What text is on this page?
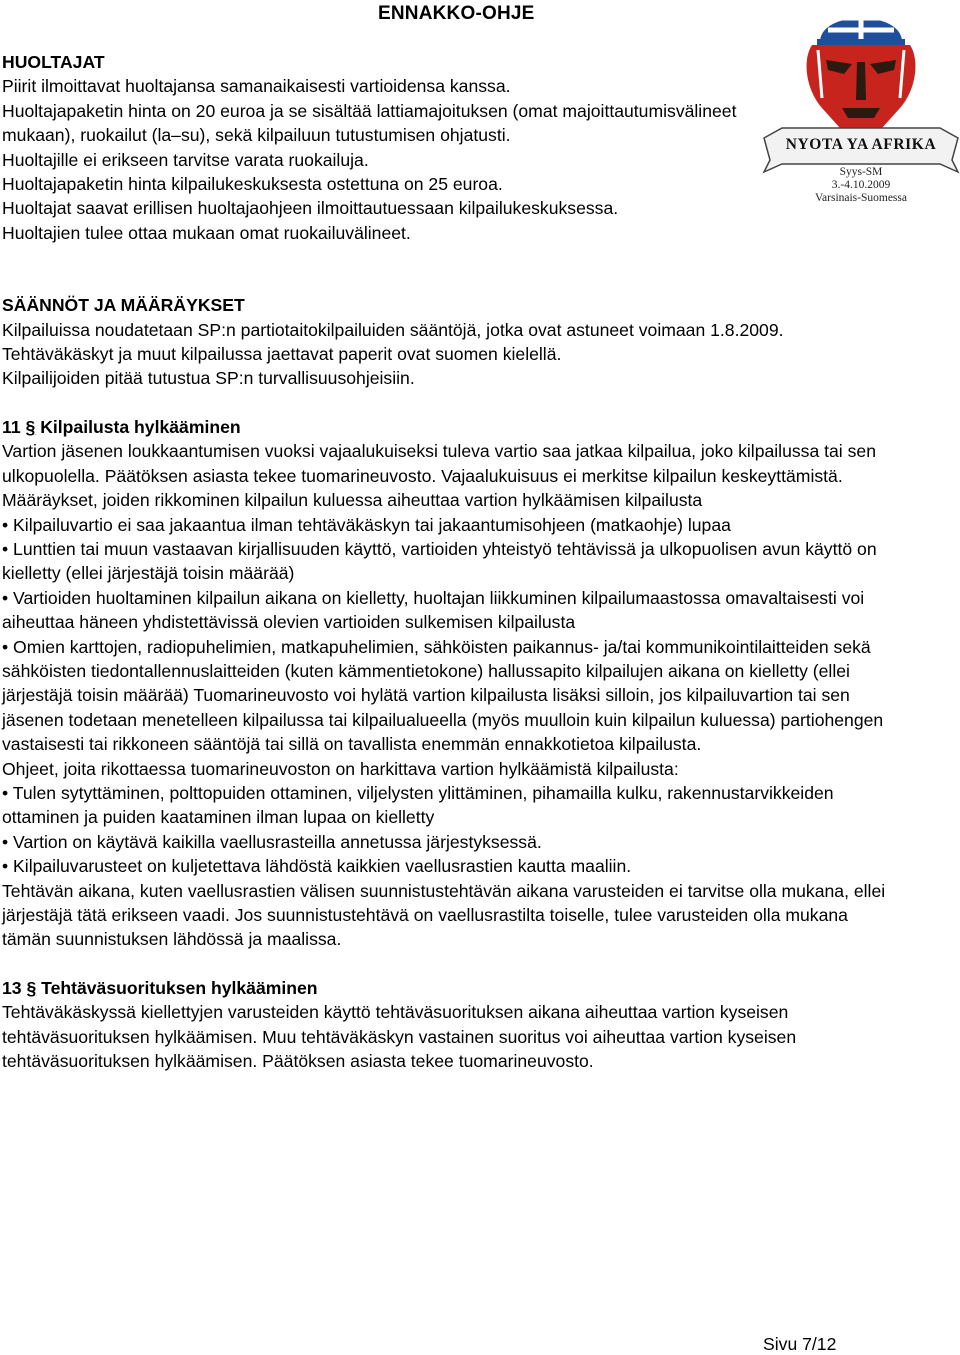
ENNAKKO-OHJE
NYOTA YA AFRIKA
Syys-SM
3.-4.10.2009
Varsinais-Suomessa

HUOLTAJAT

Piirit ilmoittavat huoltajansa samanaikaisesti vartioidensa kanssa.

Huoltajapaketin hinta on 20 euroa ja se sisältää lattiamajoituksen (omat majoittautumisvälineet mukaan), ruokailut (la–su), sekä kilpailuun tutustumisen ohjatusti.

Huoltajille ei erikseen tarvitse varata ruokailuja.

Huoltajapaketin hinta kilpailukeskuksesta ostettuna on 25 euroa.

Huoltajat saavat erillisen huoltajaohjeen ilmoittautuessaan kilpailukeskuksessa.

Huoltajien tulee ottaa mukaan omat ruokailuvälineet.

SÄÄNNÖT JA MÄÄRÄYKSET

Kilpailuissa noudatetaan SP:n partiotaitokilpailuiden sääntöjä, jotka ovat astuneet voimaan 1.8.2009. Tehtäväkäskyt ja muut kilpailussa jaettavat paperit ovat suomen kielellä.

Kilpailijoiden pitää tutustua SP:n turvallisuusohjeisiin.

11 § Kilpailusta hylkääminen

Vartion jäsenen loukkaantumisen vuoksi vajaalukuiseksi tuleva vartio saa jatkaa kilpailua, joko kilpailussa tai sen ulkopuolella. Päätöksen asiasta tekee tuomarineuvosto. Vajaalukuisuus ei merkitse kilpailun keskeyttämistä.

Määräykset, joiden rikkominen kilpailun kuluessa aiheuttaa vartion hylkäämisen kilpailusta

• Kilpailuvartio ei saa jakaantua ilman tehtäväkäskyn tai jakaantumisohjeen (matkaohje) lupaa

• Lunttien tai muun vastaavan kirjallisuuden käyttö, vartioiden yhteistyö tehtävissä ja ulkopuolisen avun käyttö on kielletty (ellei järjestäjä toisin määrää)

• Vartioiden huoltaminen kilpailun aikana on kielletty, huoltajan liikkuminen kilpailumaastossa omavaltaisesti voi aiheuttaa häneen yhdistettävissä olevien vartioiden sulkemisen kilpailusta

• Omien karttojen, radiopuhelimien, matkapuhelimien, sähköisten paikannus- ja/tai kommunikointilaitteiden sekä sähköisten tiedontallennuslaitteiden (kuten kämmentietokone) hallussapito kilpailujen aikana on kielletty (ellei järjestäjä toisin määrää) Tuomarineuvosto voi hylätä vartion kilpailusta lisäksi silloin, jos kilpailuvartion tai sen jäsenen todetaan menetelleen kilpailussa tai kilpailualueella (myös muulloin kuin kilpailun kuluessa) partiohengen vastaisesti tai rikkoneen sääntöjä tai sillä on tavallista enemmän ennakkotietoa kilpailusta.

Ohjeet, joita rikottaessa tuomarineuvoston on harkittava vartion hylkäämistä kilpailusta:

• Tulen sytyttäminen, polttopuiden ottaminen, viljelysten ylittäminen, pihamailla kulku, rakennustarvikkeiden ottaminen ja puiden kaataminen ilman lupaa on kielletty

• Vartion on käytävä kaikilla vaellusrasteilla annetussa järjestyksessä.

• Kilpailuvarusteet on kuljetettava lähdöstä kaikkien vaellusrastien kautta maaliin.

Tehtävän aikana, kuten vaellusrastien välisen suunnistustehtävän aikana varusteiden ei tarvitse olla mukana, ellei järjestäjä tätä erikseen vaadi. Jos suunnistustehtävä on vaellusrastilta toiselle, tulee varusteiden olla mukana tämän suunnistuksen lähdössä ja maalissa.

13 § Tehtäväsuorituksen hylkääminen

Tehtäväkäskyssä kiellettyjen varusteiden käyttö tehtäväsuorituksen aikana aiheuttaa vartion kyseisen tehtäväsuorituksen hylkäämisen. Muu tehtäväkäskyn vastainen suoritus voi aiheuttaa vartion kyseisen tehtäväsuorituksen hylkäämisen. Päätöksen asiasta tekee tuomarineuvosto.

Sivu 7/12
